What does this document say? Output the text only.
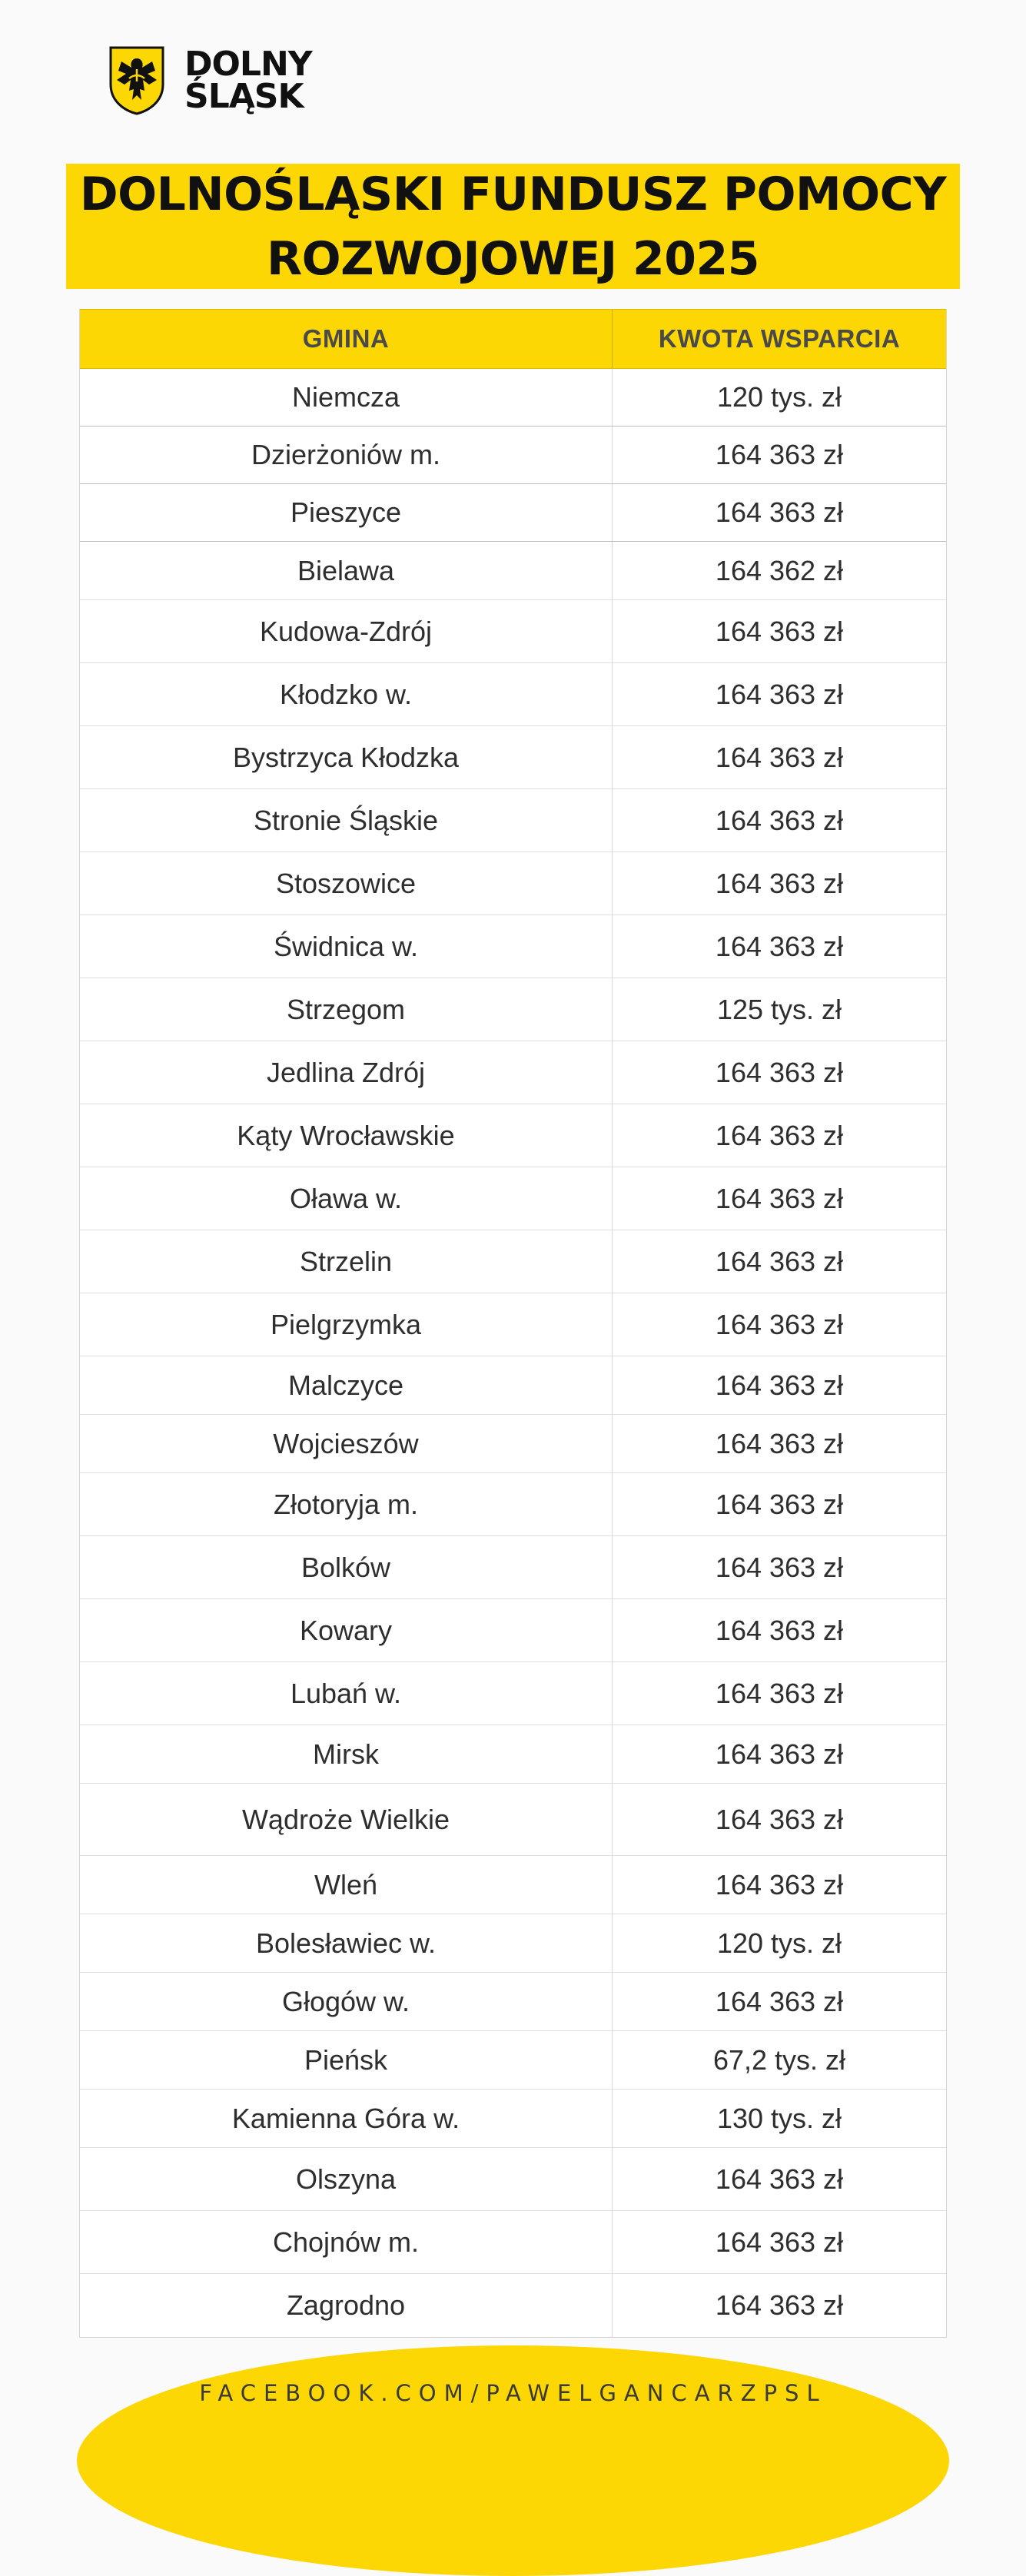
DOLNY
ŚLĄSK
DOLNOŚLĄSKI FUNDUSZ POMOCY
ROZWOJOWEJ 2025
GMINA	KWOTA WSPARCIA
Niemcza	120 tys. zł
Dzierżoniów m.	164 363 zł
Pieszyce	164 363 zł
Bielawa	164 362 zł
Kudowa-Zdrój	164 363 zł
Kłodzko w.	164 363 zł
Bystrzyca Kłodzka	164 363 zł
Stronie Śląskie	164 363 zł
Stoszowice	164 363 zł
Świdnica w.	164 363 zł
Strzegom	125 tys. zł
Jedlina Zdrój	164 363 zł
Kąty Wrocławskie	164 363 zł
Oława w.	164 363 zł
Strzelin	164 363 zł
Pielgrzymka	164 363 zł
Malczyce	164 363 zł
Wojcieszów	164 363 zł
Złotoryja m.	164 363 zł
Bolków	164 363 zł
Kowary	164 363 zł
Lubań w.	164 363 zł
Mirsk	164 363 zł
Wądroże Wielkie	164 363 zł
Wleń	164 363 zł
Bolesławiec w.	120 tys. zł
Głogów w.	164 363 zł
Pieńsk	67,2 tys. zł
Kamienna Góra w.	130 tys. zł
Olszyna	164 363 zł
Chojnów m.	164 363 zł
Zagrodno	164 363 zł
FACEBOOK.COM/PAWELGANCARZPSL
